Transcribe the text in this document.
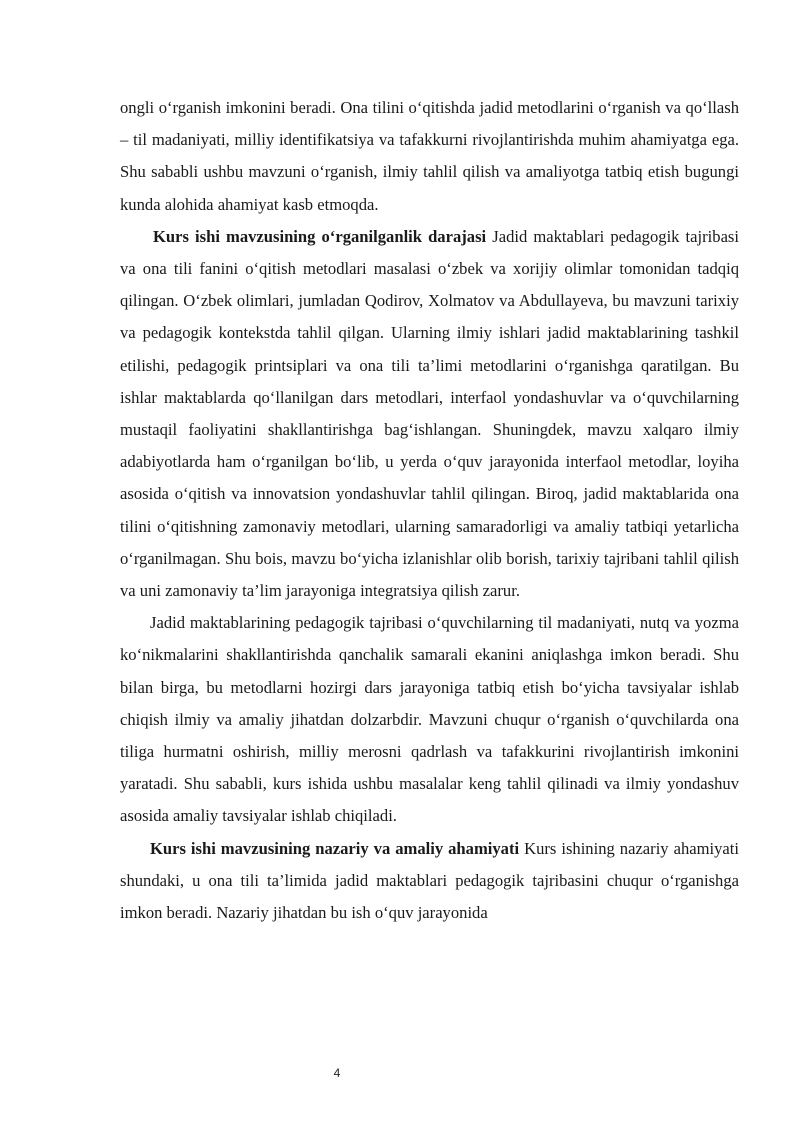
ongli o‘rganish imkonini beradi. Ona tilini o‘qitishda jadid metodlarini o‘rganish va qo‘llash – til madaniyati, milliy identifikatsiya va tafakkurni rivojlantirishda muhim ahamiyatga ega. Shu sababli ushbu mavzuni o‘rganish, ilmiy tahlil qilish va amaliyotga tatbiq etish bugungi kunda alohida ahamiyat kasb etmoqda.

Kurs ishi mavzusining o‘rganilganlik darajasi Jadid maktablari pedagogik tajribasi va ona tili fanini o‘qitish metodlari masalasi o‘zbek va xorijiy olimlar tomonidan tadqiq qilingan. O‘zbek olimlari, jumladan Qodirov, Xolmatov va Abdullayeva, bu mavzuni tarixiy va pedagogik kontekstda tahlil qilgan. Ularning ilmiy ishlari jadid maktablarining tashkil etilishi, pedagogik printsiplari va ona tili ta’limi metodlarini o‘rganishga qaratilgan. Bu ishlar maktablarda qo‘llanilgan dars metodlari, interfaol yondashuvlar va o‘quvchilarning mustaqil faoliyatini shakllantirishga bag‘ishlangan. Shuningdek, mavzu xalqaro ilmiy adabiyotlarda ham o‘rganilgan bo‘lib, u yerda o‘quv jarayonida interfaol metodlar, loyiha asosida o‘qitish va innovatsion yondashuvlar tahlil qilingan. Biroq, jadid maktablarida ona tilini o‘qitishning zamonaviy metodlari, ularning samaradorligi va amaliy tatbiqi yetarlicha o‘rganilmagan. Shu bois, mavzu bo‘yicha izlanishlar olib borish, tarixiy tajribani tahlil qilish va uni zamonaviy ta’lim jarayoniga integratsiya qilish zarur.

Jadid maktablarining pedagogik tajribasi o‘quvchilarning til madaniyati, nutq va yozma ko‘nikmalarini shakllantirishda qanchalik samarali ekanini aniqlashga imkon beradi. Shu bilan birga, bu metodlarni hozirgi dars jarayoniga tatbiq etish bo‘yicha tavsiyalar ishlab chiqish ilmiy va amaliy jihatdan dolzarbdir. Mavzuni chuqur o‘rganish o‘quvchilarda ona tiliga hurmatni oshirish, milliy merosni qadrlash va tafakkurini rivojlantirish imkonini yaratadi. Shu sababli, kurs ishida ushbu masalalar keng tahlil qilinadi va ilmiy yondashuv asosida amaliy tavsiyalar ishlab chiqiladi.

Kurs ishi mavzusining nazariy va amaliy ahamiyati Kurs ishining nazariy ahamiyati shundaki, u ona tili ta’limida jadid maktablari pedagogik tajribasini chuqur o‘rganishga imkon beradi. Nazariy jihatdan bu ish o‘quv jarayonida

4
